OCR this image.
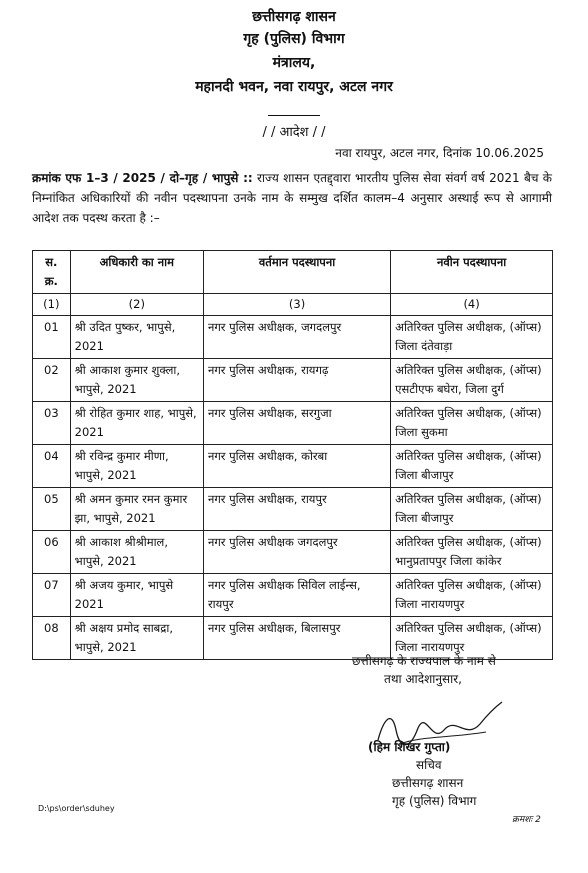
छत्तीसगढ़ शासन
गृह (पुलिस) विभाग
मंत्रालय,
महानदी भवन, नवा रायपुर, अटल नगर
/ / आदेश / /
नवा रायपुर, अटल नगर, दिनांक 10.06.2025
क्रमांक एफ 1–3 / 2025 / दो–गृह / भापुसे :: राज्य शासन एतद्द्वारा भारतीय पुलिस सेवा संवर्ग वर्ष 2021 बैच के निम्नांकित अधिकारियों की नवीन पदस्थापना उनके नाम के सम्मुख दर्शित कालम–4 अनुसार अस्थाई रूप से आगामी आदेश तक पदस्थ करता है :–
स. क्र.	अधिकारी का नाम	वर्तमान पदस्थापना	नवीन पदस्थापना
(1)	(2)	(3)	(4)
01	श्री उदित पुष्कर, भापुसे, 2021	नगर पुलिस अधीक्षक, जगदलपुर	अतिरिक्त पुलिस अधीक्षक, (ऑप्स) जिला दंतेवाड़ा
02	श्री आकाश कुमार शुक्ला, भापुसे, 2021	नगर पुलिस अधीक्षक, रायगढ़	अतिरिक्त पुलिस अधीक्षक, (ऑप्स) एसटीएफ बघेरा, जिला दुर्ग
03	श्री रोहित कुमार शाह, भापुसे, 2021	नगर पुलिस अधीक्षक, सरगुजा	अतिरिक्त पुलिस अधीक्षक, (ऑप्स) जिला सुकमा
04	श्री रविन्द्र कुमार मीणा, भापुसे, 2021	नगर पुलिस अधीक्षक, कोरबा	अतिरिक्त पुलिस अधीक्षक, (ऑप्स) जिला बीजापुर
05	श्री अमन कुमार रमन कुमार झा, भापुसे, 2021	नगर पुलिस अधीक्षक, रायपुर	अतिरिक्त पुलिस अधीक्षक, (ऑप्स) जिला बीजापुर
06	श्री आकाश श्रीश्रीमाल, भापुसे, 2021	नगर पुलिस अधीक्षक जगदलपुर	अतिरिक्त पुलिस अधीक्षक, (ऑप्स) भानुप्रतापपुर जिला कांकेर
07	श्री अजय कुमार, भापुसे 2021	नगर पुलिस अधीक्षक सिविल लाईन्स, रायपुर	अतिरिक्त पुलिस अधीक्षक, (ऑप्स) जिला नारायणपुर
08	श्री अक्षय प्रमोद साबद्रा, भापुसे, 2021	नगर पुलिस अधीक्षक, बिलासपुर	अतिरिक्त पुलिस अधीक्षक, (ऑप्स) जिला नारायणपुर
छत्तीसगढ़ के राज्यपाल के नाम से
तथा आदेशानुसार,
(हिम शिखर गुप्ता)
सचिव
छत्तीसगढ़ शासन
गृह (पुलिस) विभाग
D:\ps\order\sduhey
क्रमशः 2
